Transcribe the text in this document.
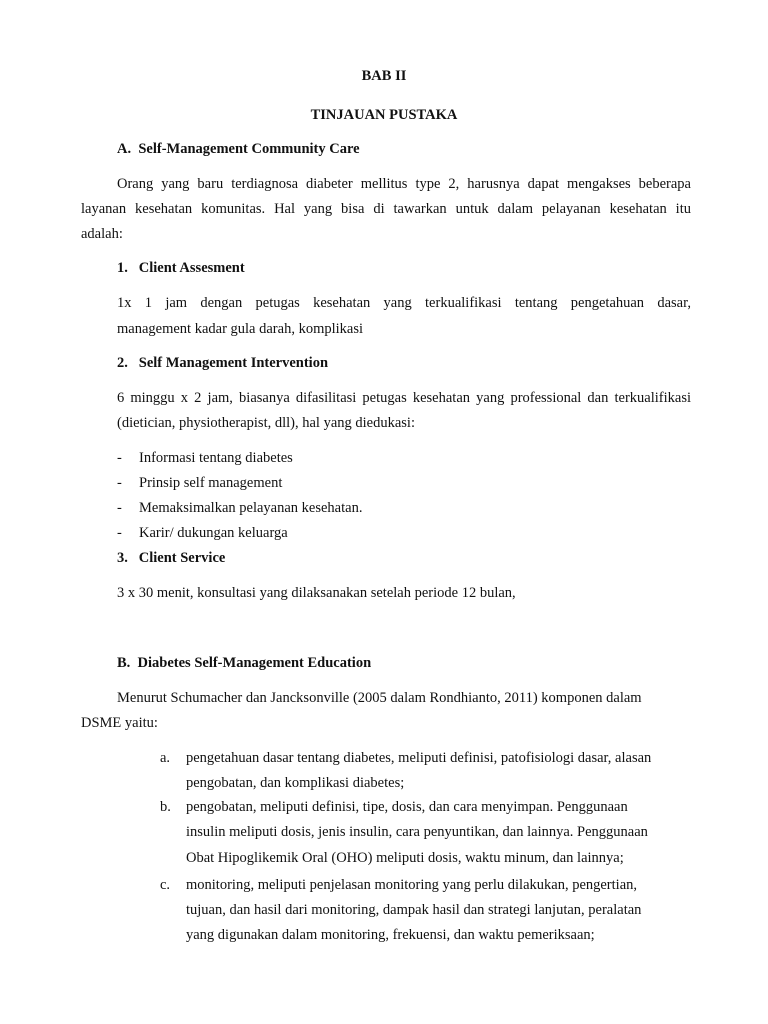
BAB II
TINJAUAN PUSTAKA
A.  Self-Management Community Care
Orang yang baru terdiagnosa diabeter mellitus type 2, harusnya dapat mengakses beberapa
layanan kesehatan komunitas. Hal yang bisa di tawarkan untuk dalam pelayanan kesehatan itu
adalah:
1.   Client Assesment
1x 1 jam dengan petugas kesehatan yang terkualifikasi tentang pengetahuan dasar,
management kadar gula darah, komplikasi
2.   Self Management Intervention
6 minggu x 2 jam, biasanya difasilitasi petugas kesehatan yang professional dan terkualifikasi
(dietician, physiotherapist, dll), hal yang diedukasi:
- Informasi tentang diabetes
- Prinsip self management
- Memaksimalkan pelayanan kesehatan.
- Karir/ dukungan keluarga
3.   Client Service
3 x 30 menit, konsultasi yang dilaksanakan setelah periode 12 bulan,
B.  Diabetes Self-Management Education
Menurut Schumacher dan Jancksonville (2005 dalam Rondhianto, 2011) komponen dalam
DSME yaitu:
a. pengetahuan dasar tentang diabetes, meliputi definisi, patofisiologi dasar, alasan
pengobatan, dan komplikasi diabetes;
b. pengobatan, meliputi definisi, tipe, dosis, dan cara menyimpan. Penggunaan
insulin meliputi dosis, jenis insulin, cara penyuntikan, dan lainnya. Penggunaan
Obat Hipoglikemik Oral (OHO) meliputi dosis, waktu minum, dan lainnya;
c. monitoring, meliputi penjelasan monitoring yang perlu dilakukan, pengertian,
tujuan, dan hasil dari monitoring, dampak hasil dan strategi lanjutan, peralatan
yang digunakan dalam monitoring, frekuensi, dan waktu pemeriksaan;
